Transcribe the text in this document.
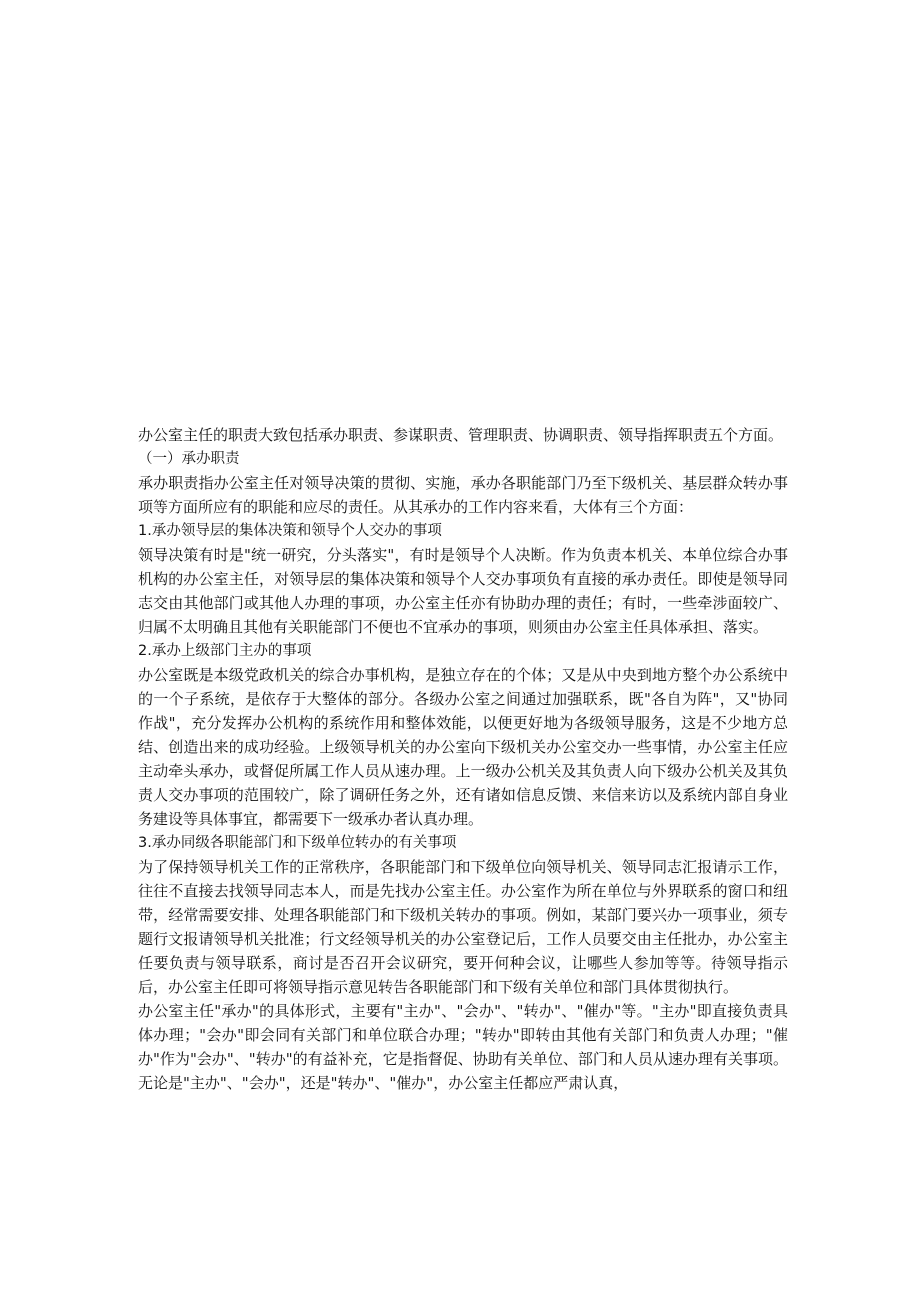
办公室主任的职责大致包括承办职责、参谋职责、管理职责、协调职责、领导指挥职责五个方面。

（一）承办职责

承办职责指办公室主任对领导决策的贯彻、实施，承办各职能部门乃至下级机关、基层群众转办事项等方面所应有的职能和应尽的责任。从其承办的工作内容来看，大体有三个方面：

1.承办领导层的集体决策和领导个人交办的事项

领导决策有时是"统一研究，分头落实"，有时是领导个人决断。作为负责本机关、本单位综合办事机构的办公室主任，对领导层的集体决策和领导个人交办事项负有直接的承办责任。即使是领导同志交由其他部门或其他人办理的事项，办公室主任亦有协助办理的责任；有时，一些牵涉面较广、归属不太明确且其他有关职能部门不便也不宜承办的事项，则须由办公室主任具体承担、落实。

2.承办上级部门主办的事项

办公室既是本级党政机关的综合办事机构，是独立存在的个体；又是从中央到地方整个办公系统中的一个子系统，是依存于大整体的部分。各级办公室之间通过加强联系，既"各自为阵"，又"协同作战"，充分发挥办公机构的系统作用和整体效能，以便更好地为各级领导服务，这是不少地方总结、创造出来的成功经验。上级领导机关的办公室向下级机关办公室交办一些事情，办公室主任应主动牵头承办，或督促所属工作人员从速办理。上一级办公机关及其负责人向下级办公机关及其负责人交办事项的范围较广，除了调研任务之外，还有诸如信息反馈、来信来访以及系统内部自身业务建设等具体事宜，都需要下一级承办者认真办理。

3.承办同级各职能部门和下级单位转办的有关事项

为了保持领导机关工作的正常秩序，各职能部门和下级单位向领导机关、领导同志汇报请示工作，往往不直接去找领导同志本人，而是先找办公室主任。办公室作为所在单位与外界联系的窗口和纽带，经常需要安排、处理各职能部门和下级机关转办的事项。例如，某部门要兴办一项事业，须专题行文报请领导机关批准；行文经领导机关的办公室登记后，工作人员要交由主任批办，办公室主任要负责与领导联系，商讨是否召开会议研究，要开何种会议，让哪些人参加等等。待领导指示后，办公室主任即可将领导指示意见转告各职能部门和下级有关单位和部门具体贯彻执行。

办公室主任"承办"的具体形式，主要有"主办"、"会办"、"转办"、"催办"等。"主办"即直接负责具体办理；"会办"即会同有关部门和单位联合办理；"转办"即转由其他有关部门和负责人办理；"催办"作为"会办"、"转办"的有益补充，它是指督促、协助有关单位、部门和人员从速办理有关事项。无论是"主办"、"会办"，还是"转办"、"催办"，办公室主任都应严肃认真，
